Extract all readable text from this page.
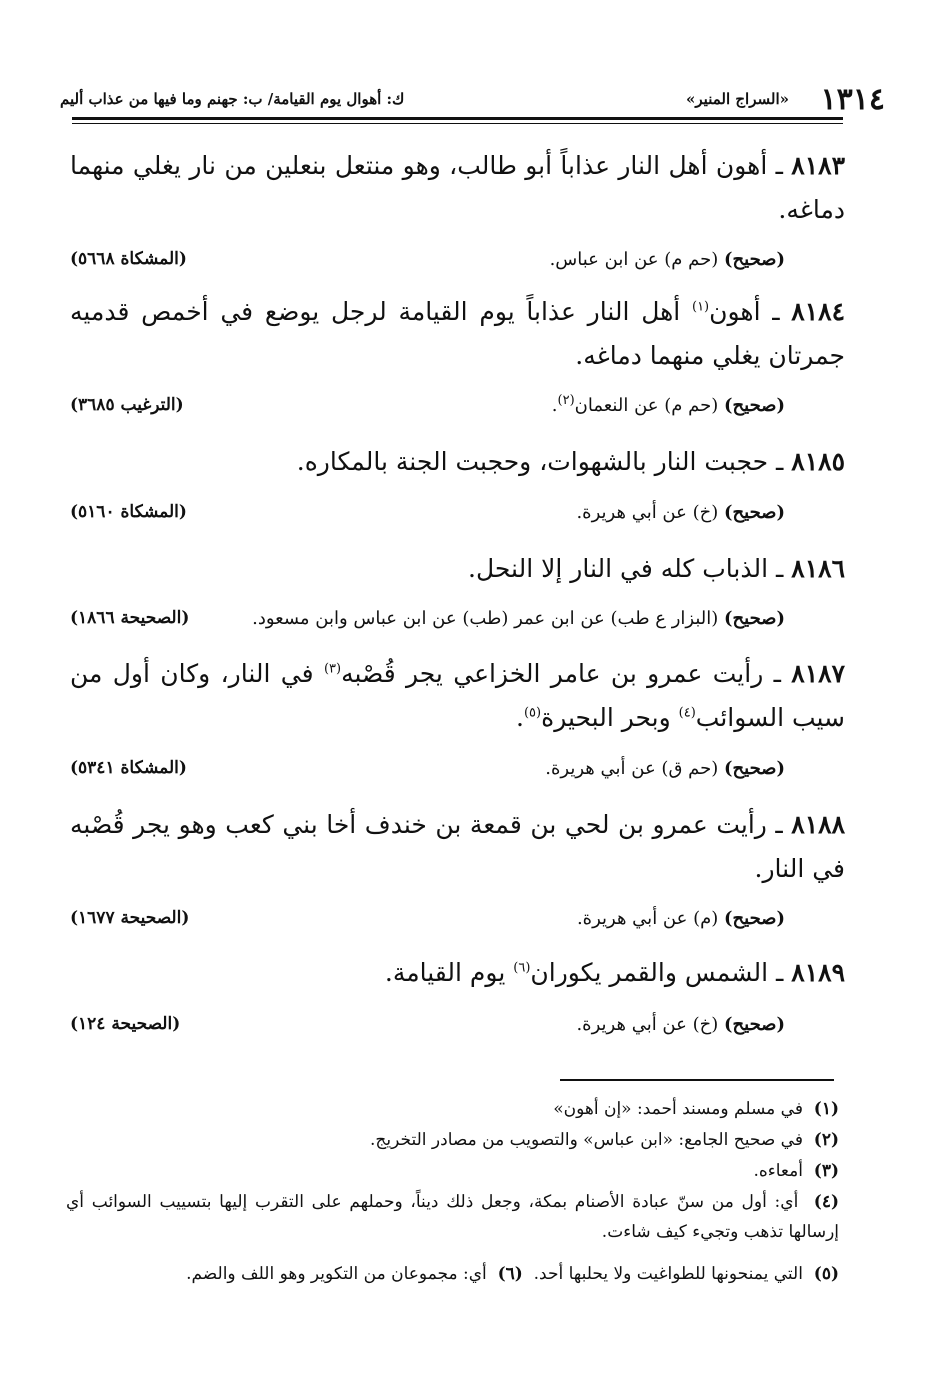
١٣١٤
«السراج المنير»
ك: أهوال يوم القيامة/ ب: جهنم وما فيها من عذاب أليم
٨١٨٣ ـ أهون أهل النار عذاباً أبو طالب، وهو منتعل بنعلين من نار يغلي منهما دماغه.
(صحيح) (حم م) عن ابن عباس.
(المشكاة ٥٦٦٨)
٨١٨٤ ـ أهون$^{(١)}$ أهل النار عذاباً يوم القيامة لرجل يوضع في أخمص قدميه جمرتان يغلي منهما دماغه.
(صحيح) (حم م) عن النعمان$^{(٢)}$.
(الترغيب ٣٦٨٥)
٨١٨٥ ـ حجبت النار بالشهوات، وحجبت الجنة بالمكاره.
(صحيح) (خ) عن أبي هريرة.
(المشكاة ٥١٦٠)
٨١٨٦ ـ الذباب كله في النار إلا النحل.
(صحيح) (البزار ع طب) عن ابن عمر (طب) عن ابن عباس وابن مسعود.
(الصحيحة ١٨٦٦)
٨١٨٧ ـ رأيت عمرو بن عامر الخزاعي يجر قُصْبه$^{(٣)}$ في النار، وكان أول من سيب السوائب$^{(٤)}$ وبحر البحيرة$^{(٥)}$.
(صحيح) (حم ق) عن أبي هريرة.
(المشكاة ٥٣٤١)
٨١٨٨ ـ رأيت عمرو بن لحي بن قمعة بن خندف أخا بني كعب وهو يجر قُصْبه في النار.
(صحيح) (م) عن أبي هريرة.
(الصحيحة ١٦٧٧)
٨١٨٩ ـ الشمس والقمر يكوران$^{(٦)}$ يوم القيامة.
(صحيح) (خ) عن أبي هريرة.
(الصحيحة ١٢٤)
(١)  في مسلم ومسند أحمد: «إن أهون»
(٢)  في صحيح الجامع: «ابن عباس» والتصويب من مصادر التخريج.
(٣)  أمعاءه.
(٤)  أي: أول من سنّ عبادة الأصنام بمكة، وجعل ذلك ديناً، وحملهم على التقرب إليها بتسييب السوائب أي إرسالها تذهب وتجيء كيف شاءت.
(٥)  التي يمنحونها للطواغيت ولا يحلبها أحد.  (٦)  أي: مجموعان من التكوير وهو اللف والضم.
